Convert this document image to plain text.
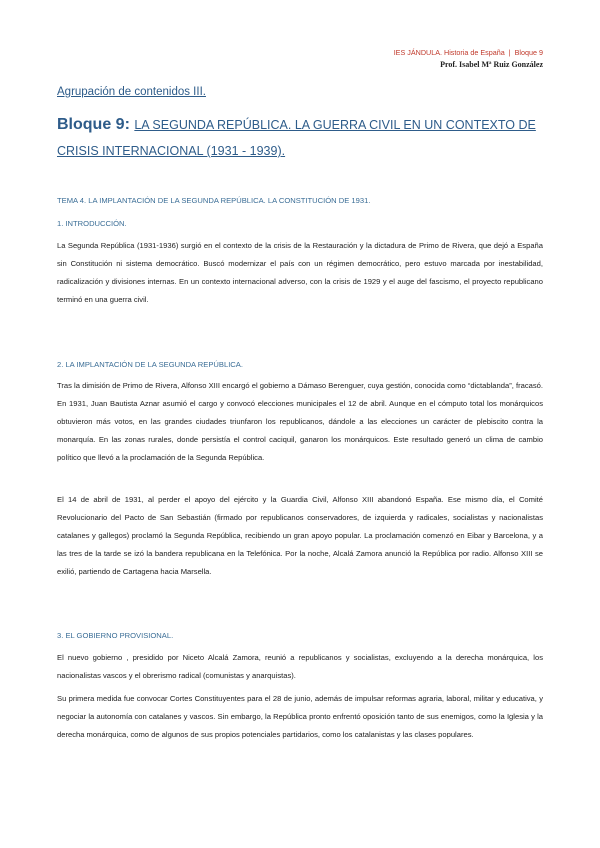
IES JÁNDULA. Historia de España | Bloque 9
Prof. Isabel Mª Ruiz González
Agrupación de contenidos III.
Bloque 9: LA SEGUNDA REPÚBLICA. LA GUERRA CIVIL EN UN CONTEXTO DE CRISIS INTERNACIONAL (1931 - 1939).
TEMA 4. LA IMPLANTACIÓN DE LA SEGUNDA REPÚBLICA. LA CONSTITUCIÓN DE 1931.
1. INTRODUCCIÓN.
La Segunda República (1931-1936) surgió en el contexto de la crisis de la Restauración y la dictadura de Primo de Rivera, que dejó a España sin Constitución ni sistema democrático. Buscó modernizar el país con un régimen democrático, pero estuvo marcada por inestabilidad, radicalización y divisiones internas. En un contexto internacional adverso, con la crisis de 1929 y el auge del fascismo, el proyecto republicano terminó en una guerra civil.
2. LA IMPLANTACIÓN DE LA SEGUNDA REPÚBLICA.
Tras la dimisión de Primo de Rivera, Alfonso XIII encargó el gobierno a Dámaso Berenguer, cuya gestión, conocida como “dictablanda”, fracasó. En 1931, Juan Bautista Aznar asumió el cargo y convocó elecciones municipales el 12 de abril. Aunque en el cómputo total los monárquicos obtuvieron más votos, en las grandes ciudades triunfaron los republicanos, dándole a las elecciones un carácter de plebiscito contra la monarquía. En las zonas rurales, donde persistía el control caciquil, ganaron los monárquicos. Este resultado generó un clima de cambio político que llevó a la proclamación de la Segunda República.
El 14 de abril de 1931, al perder el apoyo del ejército y la Guardia Civil, Alfonso XIII abandonó España. Ese mismo día, el Comité Revolucionario del Pacto de San Sebastián (firmado por republicanos conservadores, de izquierda y radicales, socialistas y nacionalistas catalanes y gallegos) proclamó la Segunda República, recibiendo un gran apoyo popular. La proclamación comenzó en Eibar y Barcelona, y a las tres de la tarde se izó la bandera republicana en la Telefónica. Por la noche, Alcalá Zamora anunció la República por radio. Alfonso XIII se exilió, partiendo de Cartagena hacia Marsella.
3. EL GOBIERNO PROVISIONAL.
El nuevo gobierno , presidido por Niceto Alcalá Zamora, reunió a republicanos y socialistas, excluyendo a la derecha monárquica, los nacionalistas vascos y el obrerismo radical (comunistas y anarquistas).
Su primera medida fue convocar Cortes Constituyentes para el 28 de junio, además de impulsar reformas agraria, laboral, militar y educativa, y negociar la autonomía con catalanes y vascos. Sin embargo, la República pronto enfrentó oposición tanto de sus enemigos, como la Iglesia y la derecha monárquica, como de algunos de sus propios potenciales partidarios, como los catalanistas y las clases populares.
